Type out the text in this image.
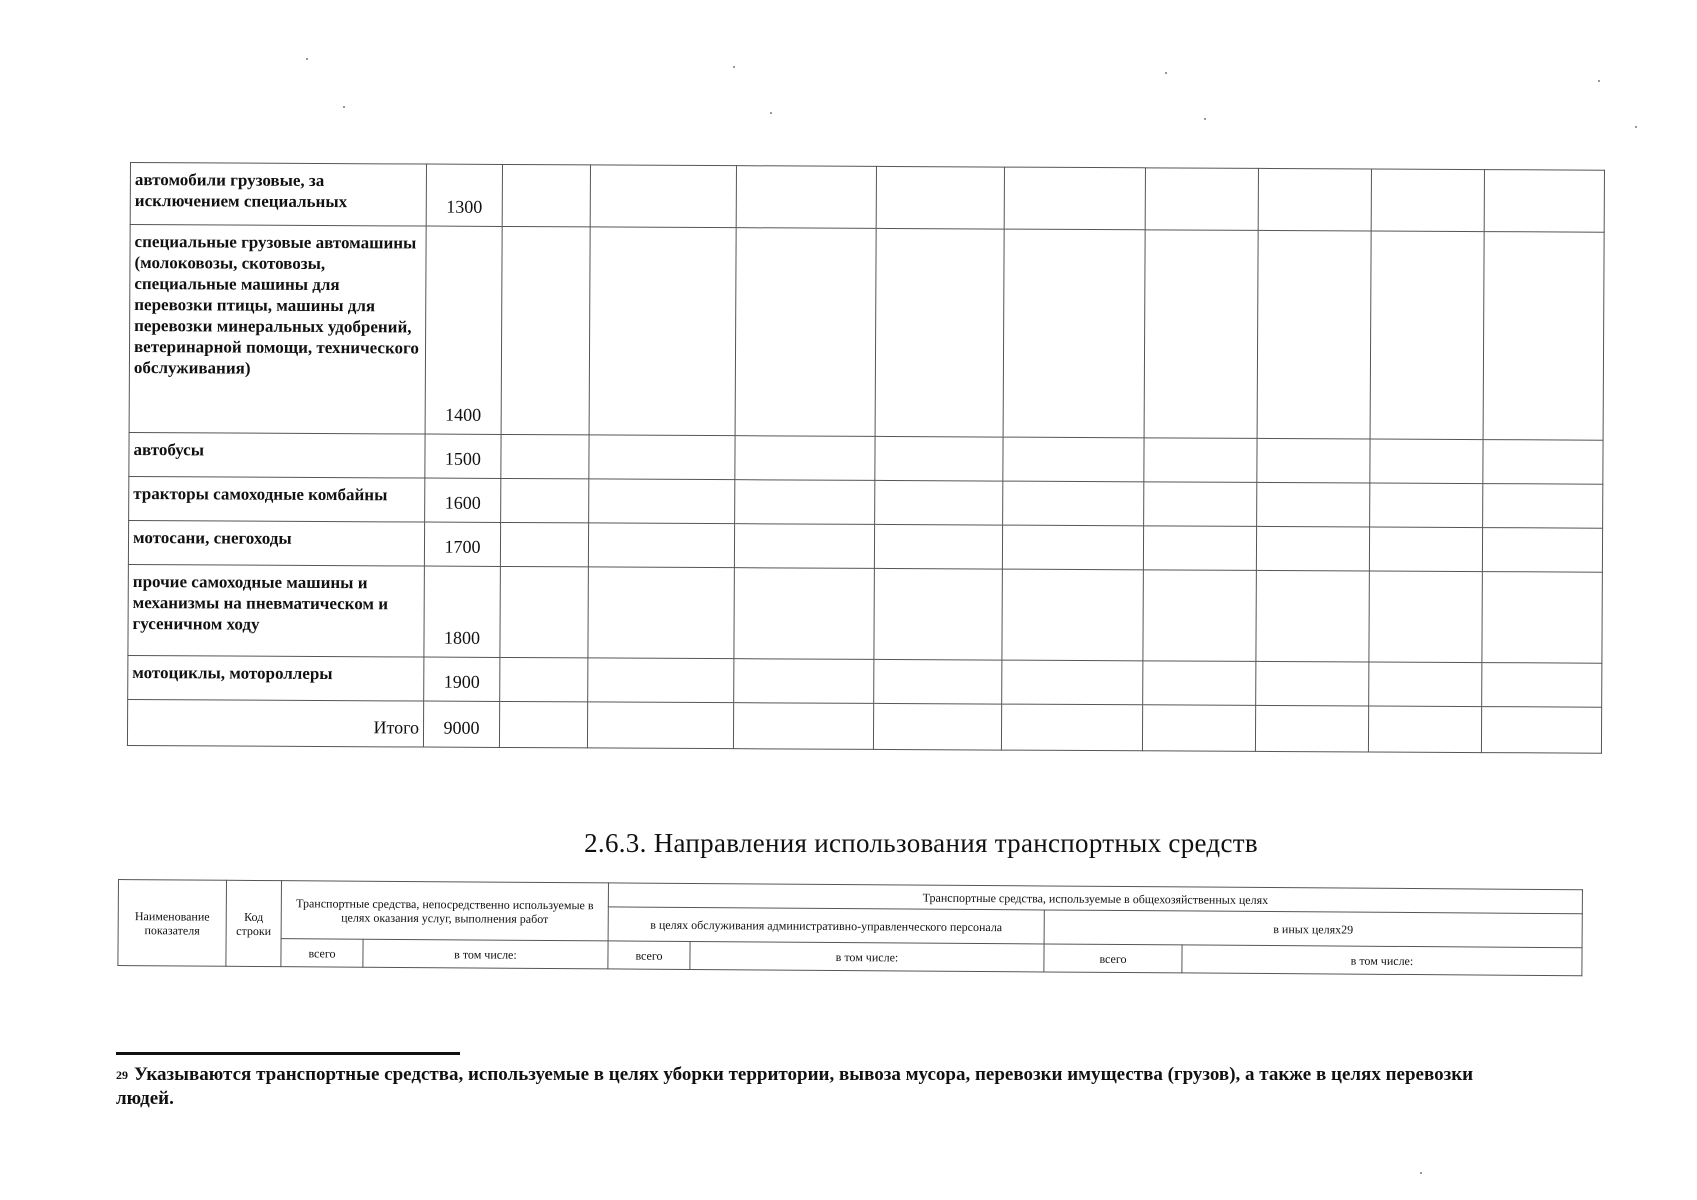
автомобили грузовые, за исключением специальных	1300									
специальные грузовые автомашины (молоковозы, скотовозы, специальные машины для перевозки птицы, машины для перевозки минеральных удобрений, ветеринарной помощи, технического обслуживания)	1400									
автобусы	1500									
тракторы самоходные комбайны	1600									
мотосани, снегоходы	1700									
прочие самоходные машины и механизмы на пневматическом и гусеничном ходу	1800									
мотоциклы, мотороллеры	1900									
Итого	9000									
2.6.3. Направления использования транспортных средств
Наименование показателя	Код строки	Транспортные средства, непосредственно используемые в целях оказания услуг, выполнения работ		Транспортные средства, используемые в общехозяйственных целях			
				в целях обслуживания административно-управленческого персонала		в иных целях29	
		всего	в том числе:	всего	в том числе:	всего	в том числе:
$^{29}$ Указываются транспортные средства, используемые в целях уборки территории, вывоза мусора, перевозки имущества (грузов), а также в целях перевозки людей.
